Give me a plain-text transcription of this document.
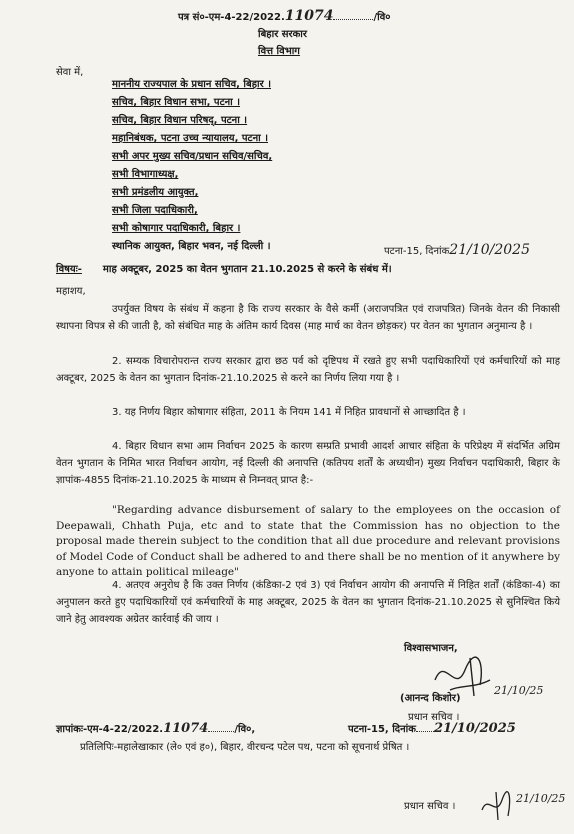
पत्र सं०-एम-4-22/2022.11074	/वि०
बिहार सरकार
वित्त विभाग
सेवा में,
माननीय राज्यपाल के प्रधान सचिव, बिहार ।
सचिव, बिहार विधान सभा, पटना ।
सचिव, बिहार विधान परिषद्, पटना ।
महानिबंधक, पटना उच्च न्यायालय, पटना ।
सभी अपर मुख्य सचिव/प्रधान सचिव/सचिव,
सभी विभागाध्यक्ष,
सभी प्रमंडलीय आयुक्त,
सभी जिला पदाधिकारी,
सभी कोषागार पदाधिकारी, बिहार ।
स्थानिक आयुक्त, बिहार भवन, नई दिल्ली ।	पटना-15, दिनांक21/10/2025
विषयः- माह अक्टूबर, 2025 का वेतन भुगतान 21.10.2025 से करने के संबंध में।
महाशय,
उपर्युक्त विषय के संबंध में कहना है कि राज्य सरकार के वैसे कर्मी (अराजपत्रित एवं राजपत्रित) जिनके वेतन की निकासी स्थापना विपत्र से की जाती है, को संबंधित माह के अंतिम कार्य दिवस (माह मार्च का वेतन छोड़कर) पर वेतन का भुगतान अनुमान्य है ।
2. सम्यक विचारोपरान्त राज्य सरकार द्वारा छठ पर्व को दृष्टिपथ में रखते हुए सभी पदाधिकारियों एवं कर्मचारियों को माह अक्टूबर, 2025 के वेतन का भुगतान दिनांक-21.10.2025 से करने का निर्णय लिया गया है ।
3. यह निर्णय बिहार कोषागार संहिता, 2011 के नियम 141 में निहित प्रावधानों से आच्छादित है ।
4. बिहार विधान सभा आम निर्वाचन 2025 के कारण सम्प्रति प्रभावी आदर्श आचार संहिता के परिप्रेक्ष्य में संदर्भित अग्रिम वेतन भुगतान के निमित भारत निर्वाचन आयोग, नई दिल्ली की अनापत्ति (कतिपय शर्तों के अध्यधीन) मुख्य निर्वाचन पदाधिकारी, बिहार के ज्ञापांक-4855 दिनांक-21.10.2025 के माध्यम से निम्नवत् प्राप्त है:-
"Regarding advance disbursement of salary to the employees on the occasion of Deepawali, Chhath Puja, etc and to state that the Commission has no objection to the proposal made therein subject to the condition that all due procedure and relevant provisions of Model Code of Conduct shall be adhered to and there shall be no mention of it anywhere by anyone to attain political mileage"
4. अतएव अनुरोध है कि उक्त निर्णय (कंडिका-2 एवं 3) एवं निर्वाचन आयोग की अनापत्ति में निहित शर्तों (कंडिका-4) का अनुपालन करते हुए पदाधिकारियों एवं कर्मचारियों के माह अक्टूबर, 2025 के वेतन का भुगतान दिनांक-21.10.2025 से सुनिश्चित किये जाने हेतु आवश्यक अग्रेतर कार्रवाई की जाय ।
विश्वासभाजन,
(आनन्द किशोर)
21/10/25
प्रधान सचिव ।
ज्ञापांकः-एम-4-22/2022.11074	/वि०,	पटना-15, दिनांक 21/10/2025
प्रतिलिपिः-महालेखाकार (ले० एवं ह०), बिहार, वीरचन्द पटेल पथ, पटना को सूचनार्थ प्रेषित ।
प्रधान सचिव ।
21/10/25
